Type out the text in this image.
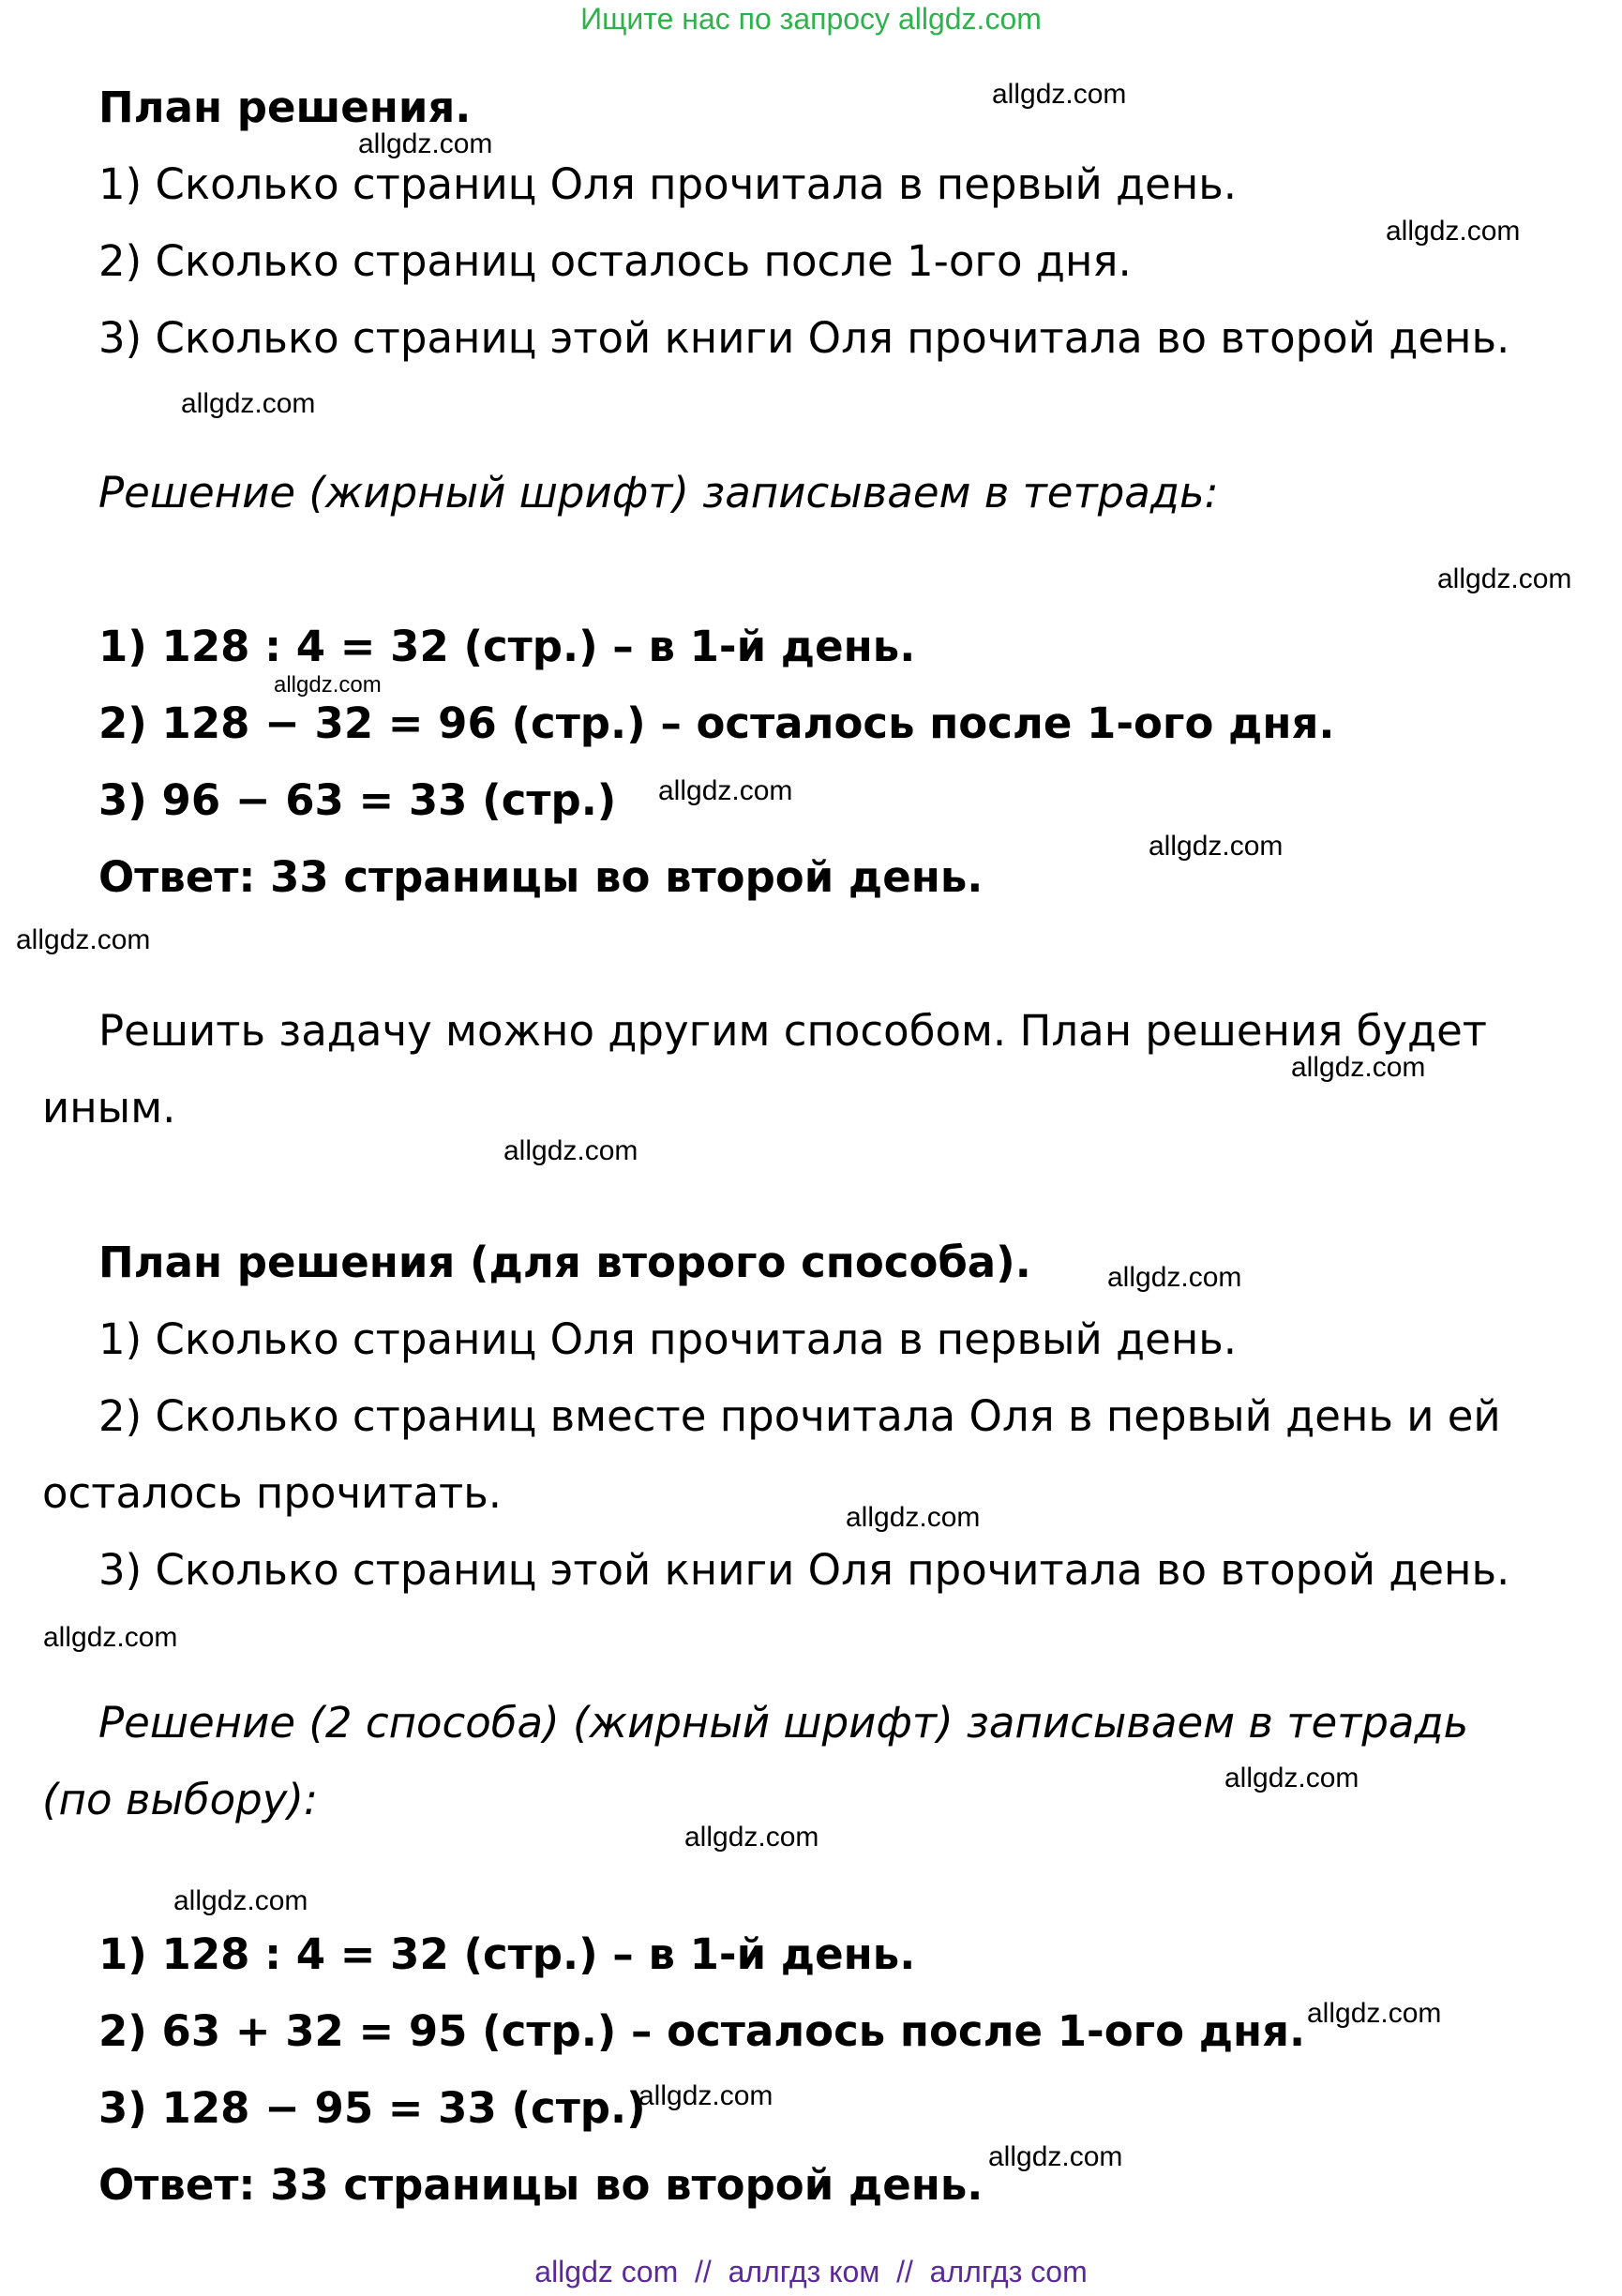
Ищите нас по запросу allgdz.com
План решения.
1) Сколько страниц Оля прочитала в первый день.
2) Сколько страниц осталось после 1-ого дня.
3) Сколько страниц этой книги Оля прочитала во второй день.
Решение (жирный шрифт) записываем в тетрадь:
1) 128 : 4 = 32 (стр.) – в 1-й день.
2) 128 − 32 = 96 (стр.) – осталось после 1-ого дня.
3) 96 − 63 = 33 (стр.)
Ответ: 33 страницы во второй день.
Решить задачу можно другим способом. План решения будет
иным.
План решения (для второго способа).
1) Сколько страниц Оля прочитала в первый день.
2) Сколько страниц вместе прочитала Оля в первый день и ей
осталось прочитать.
3) Сколько страниц этой книги Оля прочитала во второй день.
Решение (2 способа) (жирный шрифт) записываем в тетрадь
(по выбору):
1) 128 : 4 = 32 (стр.) – в 1-й день.
2) 63 + 32 = 95 (стр.) – осталось после 1-ого дня.
3) 128 − 95 = 33 (стр.)
Ответ: 33 страницы во второй день.
allgdz.com
allgdz.com
allgdz.com
allgdz.com
allgdz.com
allgdz.com
allgdz.com
allgdz.com
allgdz.com
allgdz.com
allgdz.com
allgdz.com
allgdz.com
allgdz.com
allgdz.com
allgdz.com
allgdz.com
allgdz.com
allgdz.com
allgdz.com
allgdz com  //  аллгдз ком  //  аллгдз com
